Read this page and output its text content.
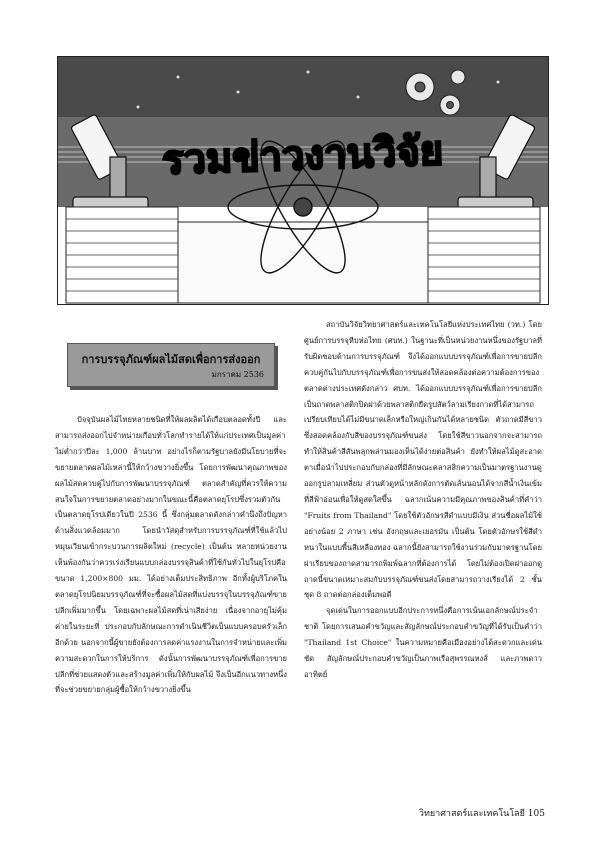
รวมข่าวงานวิจัย
การบรรจุภัณฑ์ผลไม้สดเพื่อการส่งออก
มกราคม 2536

ปัจจุบันผลไม้ไทยหลายชนิดที่ให้ผลผลิตได้เกือบตลอดทั้งปี และสามารถส่งออกไปจำหน่ายเกือบทั่วโลกทำรายได้ให้แก่ประเทศเป็นมูลค่าไม่ต่ำกว่าปีละ 1,000 ล้านบาท อย่างไรก็ตามรัฐบาลยังมีนโยบายที่จะขยายตลาดผลไม้เหล่านี้ให้กว้างขวางยิ่งขึ้น โดยการพัฒนาคุณภาพของผลไม้สดควบคู่ไปกับการพัฒนาบรรจุภัณฑ์ ตลาดสำคัญที่ควรให้ความสนใจในการขยายตลาดอย่างมากในขณะนี้คือตลาดยุโรปซึ่งรวมตัวกันเป็นตลาดยุโรปเดียวในปี 2536 นี้ ซึ่งกลุ่มตลาดดังกล่าวคำนึงถึงปัญหาด้านสิ่งแวดล้อมมาก โดยนำวัสดุสำหรับการบรรจุภัณฑ์ที่ใช้แล้วไปหมุนเวียนเข้ากระบวนการผลิตใหม่ (recycle) เป็นต้น หลายหน่วยงานเห็นพ้องกันว่าควรเร่งเรียนแบบกล่องบรรจุสินค้าที่ใช้กันทั่วไปในยุโรปคือขนาด 1,200×800 มม. ได้อย่างเต็มประสิทธิภาพ อีกทั้งผู้บริโภคในตลาดยุโรปนิยมบรรจุภัณฑ์ที่จะซื้อผลไม้สดที่แบ่งบรรจุในบรรจุภัณฑ์ขายปลีกเพิ่มมากขึ้น โดยเฉพาะผลไม้สดที่เน่าเสียง่าย เนื่องจากอายุไม่คุ้มค่ายในระยะที่ ประกอบกับลักษณะการดำเนินชีวิตเป็นแบบครอบครัวเล็กอีกด้วย นอกจากนี้ผู้ขายยังต้องการลดค่าแรงงานในการจำหน่ายและเพิ่มความสะดวกในการให้บริการ ดังนั้นการพัฒนาบรรจุภัณฑ์เพื่อการขายปลีกที่ช่วยแสดงตัวและสร้างมูลค่าเพิ่มให้กับผลไม้ จึงเป็นอีกแนวทางหนึ่งที่จะช่วยขยายกลุ่มผู้ซื้อให้กว้างขวางยิ่งขึ้น

สถาบันวิจัยวิทยาศาสตร์และเทคโนโลยีแห่งประเทศไทย (วท.) โดยศูนย์การบรรจุหีบห่อไทย (ศบท.) ในฐานะที่เป็นหน่วยงานหนึ่งของรัฐบาลที่รับผิดชอบด้านการบรรจุภัณฑ์ จึงได้ออกแบบบรรจุภัณฑ์เพื่อการขายปลีกควบคู่กันไปกับบรรจุภัณฑ์เพื่อการขนส่งให้สอดคล้องต่อความต้องการของตลาดต่างประเทศดังกล่าว ศบท. ได้ออกแบบบรรจุภัณฑ์เพื่อการขายปลีกเป็นถาดพลาสติกปิดฝาด้วยพลาสติกยืดรูปสัตว์ลามเรียงกาดที่ได้สามารถเปรียบเทียบได้ไม่มีขนาดเล็กหรือใหญ่เกินกันได้หลายชนิด ตัวถาดมีสีขาวซึ่งสอดคล้องกับสีของบรรจุภัณฑ์ขนส่ง โดยใช้สีขาวนอกจากจะสามารถทำให้สินค้าสีสันพลุกพล่านมองเห็นได้ง่ายต่อสินค้า ยังทำให้ผลไม้ดูสะอาดตาเมื่อนำไปประกอบกับกล่องที่มีลักษณะคลาสสิกความเป็นมาตรฐานงานดูออกรูปลามเหลี่ยม ส่วนตัวดูหน้าหลักดังการตัดเส้นนอนได้จากสีน้ำเงินเข้มที่สีฟ้าอ่อนเพื่อให้ดูสดใสขึ้น ฉลากเน้นความมีคุณภาพของสินค้าที่คำว่า "Fruits from Thailand" โดยใช้ตัวอักษรสีดำแบบมีเงิน ส่วนชื่อผลไม้ใช้อย่างน้อย 2 ภาษา เช่น อังกฤษและเยอรมัน เป็นต้น โดยตัวอักษรใช้สีดำหนาในแบบพื้นสีเหลืองทอง ฉลากนี้ยังสามารถใช้งานร่วมกับมาตรฐานโดยฝาเรียบของถาดสามารถพิมพ์ฉลากที่ต้องการได้ โดยไม่ต้องเปิดฝาออกดู ถาดนี้ขนาดเหมาะสมกับบรรจุภัณฑ์ขนส่งโดยสามารถวางเรียงได้ 2 ชั้น ชุด 8 ถาดต่อกล่องเต็มพอดี

จุดเด่นในการออกแบบอีกประการหนึ่งคือการเน้นเอกลักษณ์ประจำชาติ โดยการเสนอคำขวัญและสัญลักษณ์ประกอบคำขวัญที่ได้รับเป็นคำว่า "Thailand 1st Choice" ในความหมายคือเมืองอย่างได้สะดวกและเด่นชัด สัญลักษณ์ประกอบคำขวัญเป็นภาพเรือสุพรรณหงส์ และภาพดาวอาทิตย์

วิทยาศาสตร์และเทคโนโลยี 105
